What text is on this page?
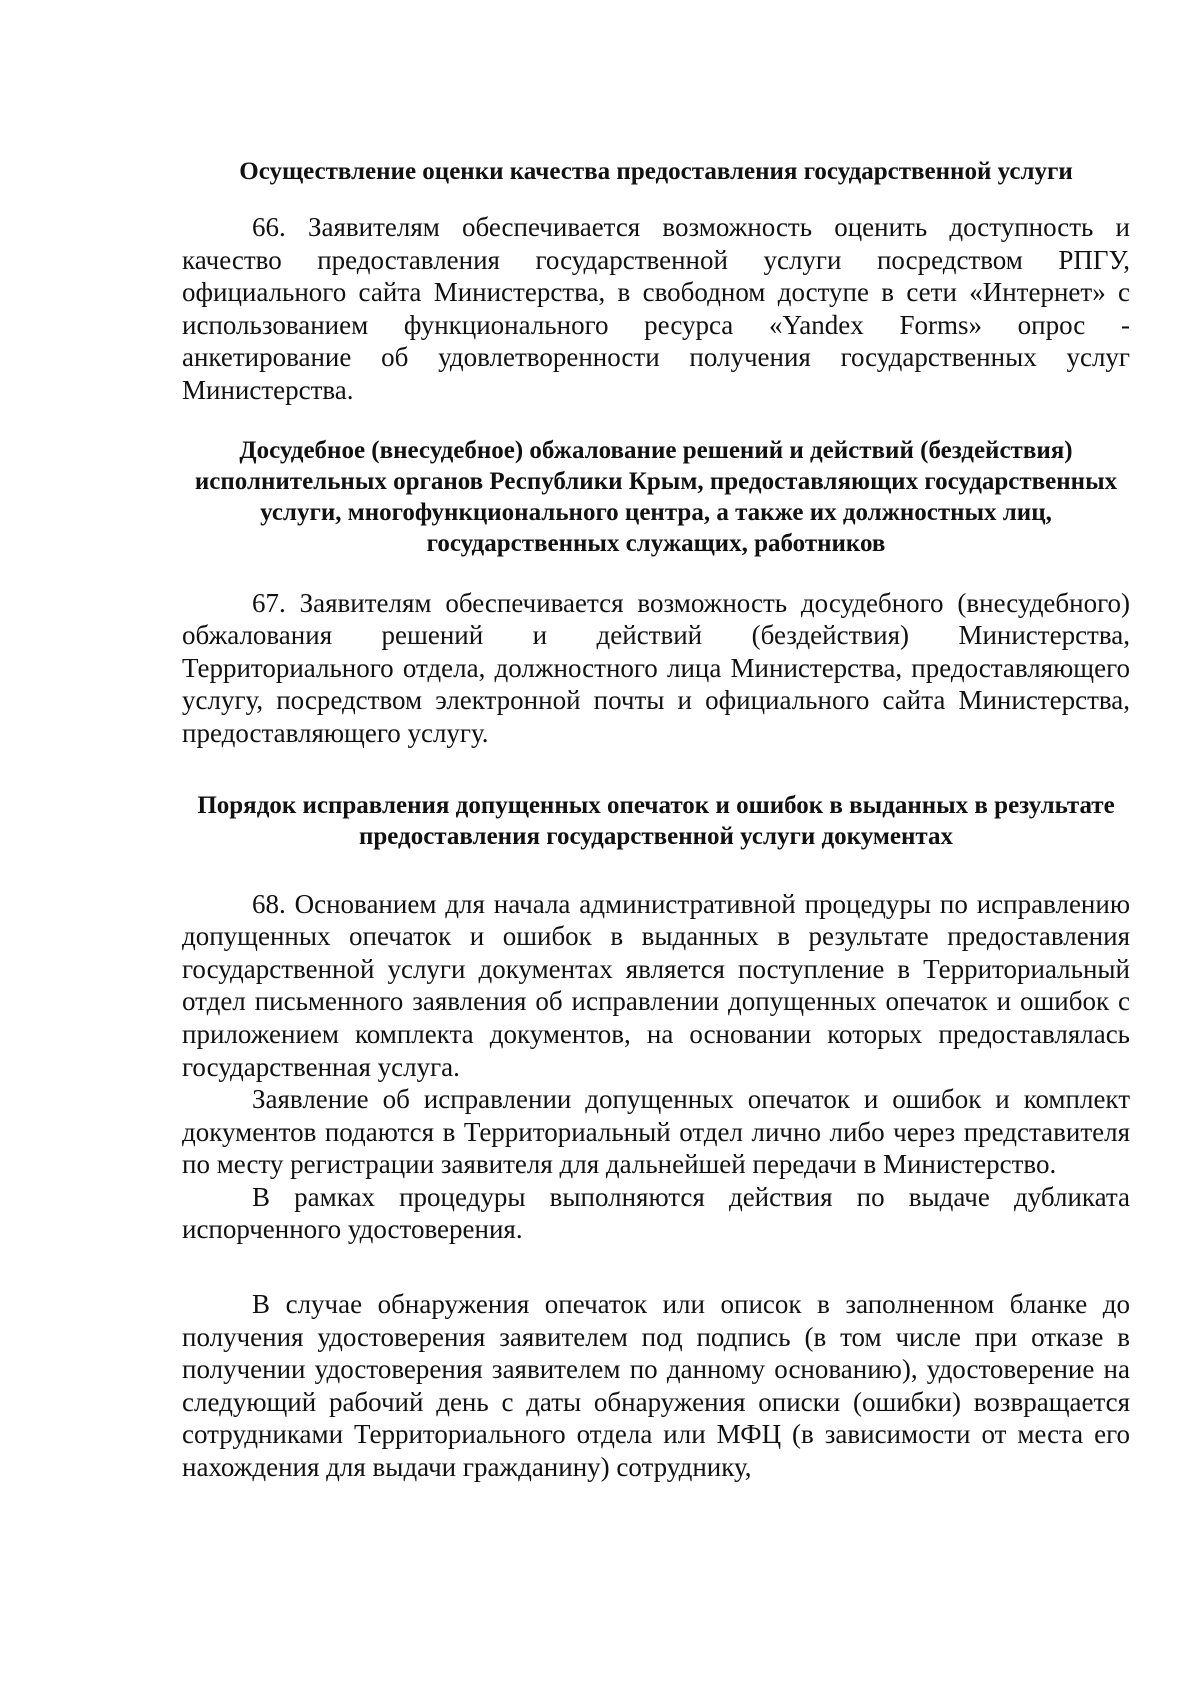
Осуществление оценки качества предоставления государственной услуги

66. Заявителям обеспечивается возможность оценить доступность и качество предоставления государственной услуги посредством РПГУ, официального сайта Министерства, в свободном доступе в сети «Интернет» с использованием функционального ресурса «Yandex Forms» опрос - анкетирование об удовлетворенности получения государственных услуг Министерства.

Досудебное (внесудебное) обжалование решений и действий (бездействия) исполнительных органов Республики Крым, предоставляющих государственных услуги, многофункционального центра, а также их должностных лиц, государственных служащих, работников

67. Заявителям обеспечивается возможность досудебного (внесудебного) обжалования решений и действий (бездействия) Министерства, Территориального отдела, должностного лица Министерства, предоставляющего услугу, посредством электронной почты и официального сайта Министерства, предоставляющего услугу.

Порядок исправления допущенных опечаток и ошибок в выданных в результате предоставления государственной услуги документах

68. Основанием для начала административной процедуры по исправлению допущенных опечаток и ошибок в выданных в результате предоставления государственной услуги документах является поступление в Территориальный отдел письменного заявления об исправлении допущенных опечаток и ошибок с приложением комплекта документов, на основании которых предоставлялась государственная услуга.

Заявление об исправлении допущенных опечаток и ошибок и комплект документов подаются в Территориальный отдел лично либо через представителя по месту регистрации заявителя для дальнейшей передачи в Министерство.

В рамках процедуры выполняются действия по выдаче дубликата испорченного удостоверения.

В случае обнаружения опечаток или описок в заполненном бланке до получения удостоверения заявителем под подпись (в том числе при отказе в получении удостоверения заявителем по данному основанию), удостоверение на следующий рабочий день с даты обнаружения описки (ошибки) возвращается сотрудниками Территориального отдела или МФЦ (в зависимости от места его нахождения для выдачи гражданину) сотруднику,
